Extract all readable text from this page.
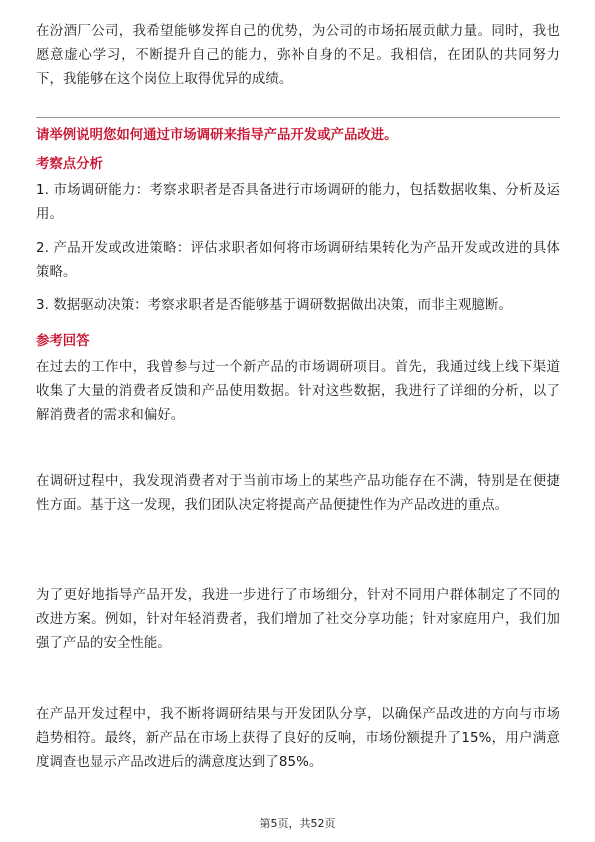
在汾酒厂公司，我希望能够发挥自己的优势，为公司的市场拓展贡献力量。同时，我也愿意虚心学习，不断提升自己的能力，弥补自身的不足。我相信，在团队的共同努力下，我能够在这个岗位上取得优异的成绩。
请举例说明您如何通过市场调研来指导产品开发或产品改进。
考察点分析
1. 市场调研能力：考察求职者是否具备进行市场调研的能力，包括数据收集、分析及运用。
2. 产品开发或改进策略：评估求职者如何将市场调研结果转化为产品开发或改进的具体策略。
3. 数据驱动决策：考察求职者是否能够基于调研数据做出决策，而非主观臆断。
参考回答
在过去的工作中，我曾参与过一个新产品的市场调研项目。首先，我通过线上线下渠道收集了大量的消费者反馈和产品使用数据。针对这些数据，我进行了详细的分析，以了解消费者的需求和偏好。
在调研过程中，我发现消费者对于当前市场上的某些产品功能存在不满，特别是在便捷性方面。基于这一发现，我们团队决定将提高产品便捷性作为产品改进的重点。
为了更好地指导产品开发，我进一步进行了市场细分，针对不同用户群体制定了不同的改进方案。例如，针对年轻消费者，我们增加了社交分享功能；针对家庭用户，我们加强了产品的安全性能。
在产品开发过程中，我不断将调研结果与开发团队分享，以确保产品改进的方向与市场趋势相符。最终，新产品在市场上获得了良好的反响，市场份额提升了15%，用户满意度调查也显示产品改进后的满意度达到了85%。
第5页，共52页
